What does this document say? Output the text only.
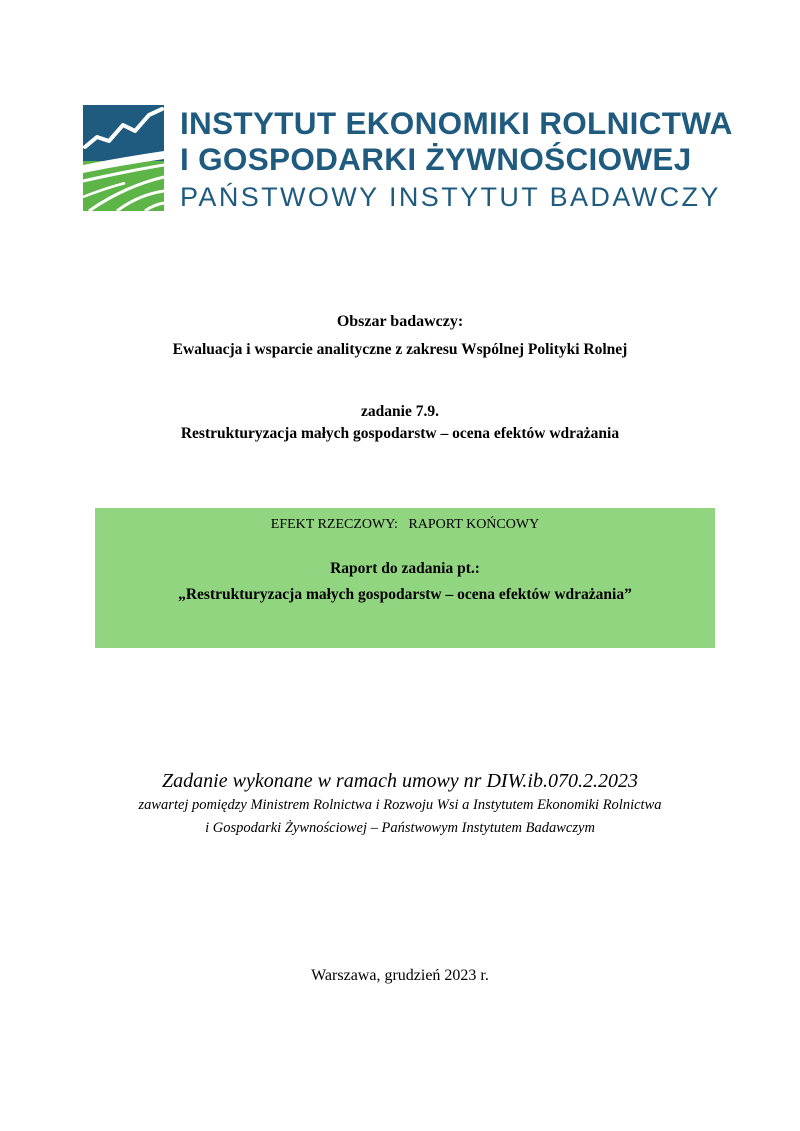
INSTYTUT EKONOMIKI ROLNICTWA
I GOSPODARKI ŻYWNOŚCIOWEJ
PAŃSTWOWY INSTYTUT BADAWCZY
Obszar badawczy:
Ewaluacja i wsparcie analityczne z zakresu Wspólnej Polityki Rolnej
zadanie 7.9.
Restrukturyzacja małych gospodarstw – ocena efektów wdrażania
EFEKT RZECZOWY:   RAPORT KOŃCOWY
Raport do zadania pt.:
„Restrukturyzacja małych gospodarstw – ocena efektów wdrażania”
Zadanie wykonane w ramach umowy nr DIW.ib.070.2.2023
zawartej pomiędzy Ministrem Rolnictwa i Rozwoju Wsi a Instytutem Ekonomiki Rolnictwa
i Gospodarki Żywnościowej – Państwowym Instytutem Badawczym
Warszawa, grudzień 2023 r.
